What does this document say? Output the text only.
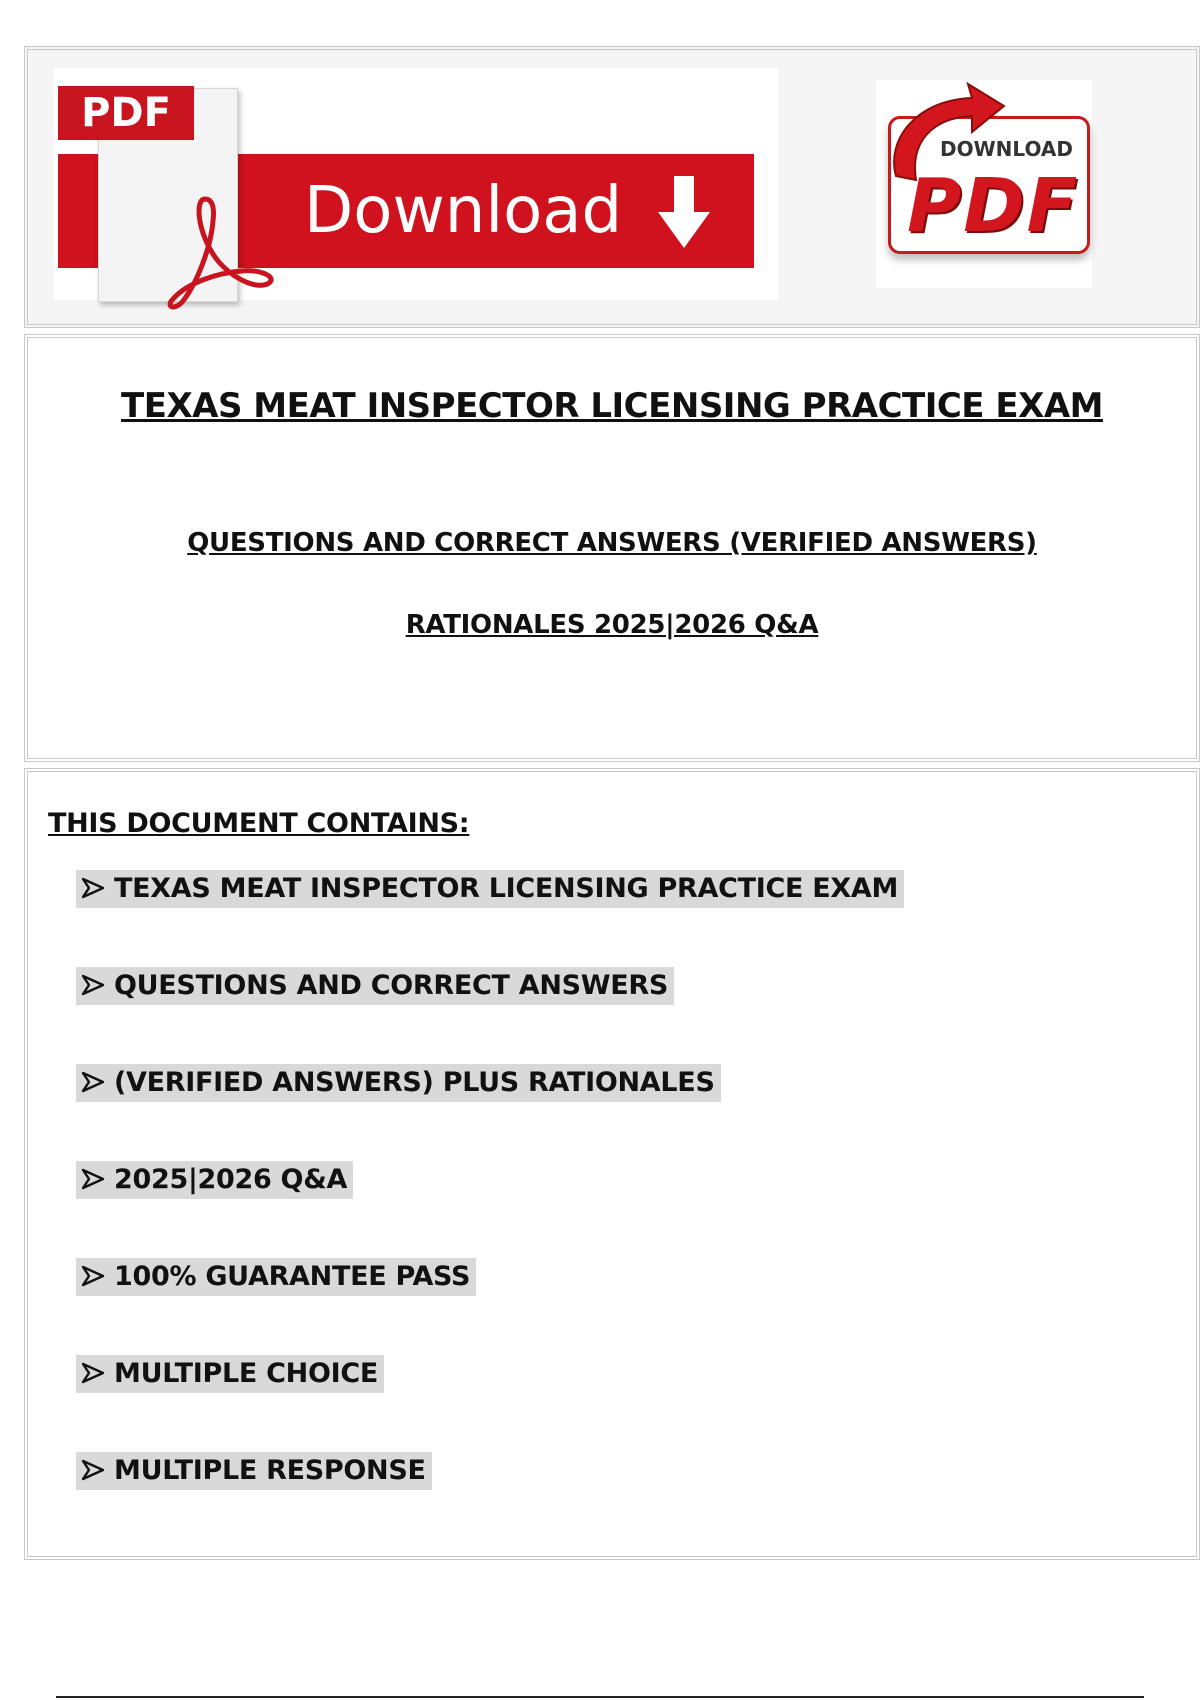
Download
PDF
DOWNLOAD
PDF
TEXAS MEAT INSPECTOR LICENSING PRACTICE EXAM
QUESTIONS AND CORRECT ANSWERS (VERIFIED ANSWERS)
RATIONALES 2025|2026 Q&A
THIS DOCUMENT CONTAINS:
TEXAS MEAT INSPECTOR LICENSING PRACTICE EXAM
QUESTIONS AND CORRECT ANSWERS
(VERIFIED ANSWERS) PLUS RATIONALES
2025|2026 Q&A
100% GUARANTEE PASS
MULTIPLE CHOICE
MULTIPLE RESPONSE
